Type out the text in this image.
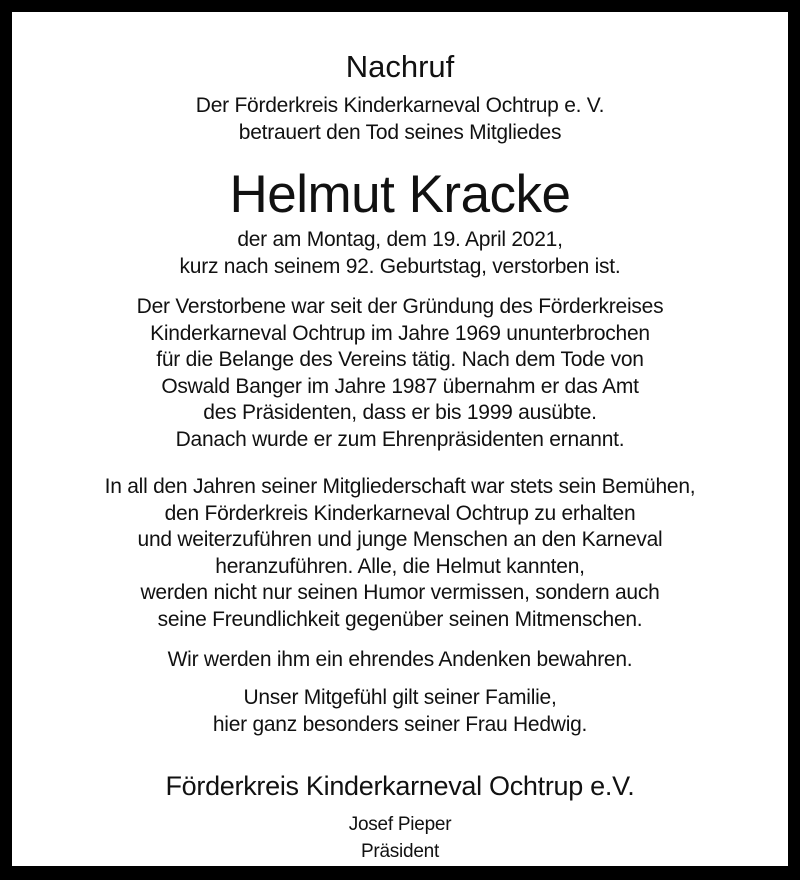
Nachruf
Der Förderkreis Kinderkarneval Ochtrup e. V.
betrauert den Tod seines Mitgliedes
Helmut Kracke
der am Montag, dem 19. April 2021,
kurz nach seinem 92. Geburtstag, verstorben ist.
Der Verstorbene war seit der Gründung des Förderkreises
Kinderkarneval Ochtrup im Jahre 1969 ununterbrochen
für die Belange des Vereins tätig. Nach dem Tode von
Oswald Banger im Jahre 1987 übernahm er das Amt
des Präsidenten, dass er bis 1999 ausübte.
Danach wurde er zum Ehrenpräsidenten ernannt.
In all den Jahren seiner Mitgliederschaft war stets sein Bemühen,
den Förderkreis Kinderkarneval Ochtrup zu erhalten
und weiterzuführen und junge Menschen an den Karneval
heranzuführen. Alle, die Helmut kannten,
werden nicht nur seinen Humor vermissen, sondern auch
seine Freundlichkeit gegenüber seinen Mitmenschen.
Wir werden ihm ein ehrendes Andenken bewahren.
Unser Mitgefühl gilt seiner Familie,
hier ganz besonders seiner Frau Hedwig.
Förderkreis Kinderkarneval Ochtrup e.V.
Josef Pieper
Präsident
